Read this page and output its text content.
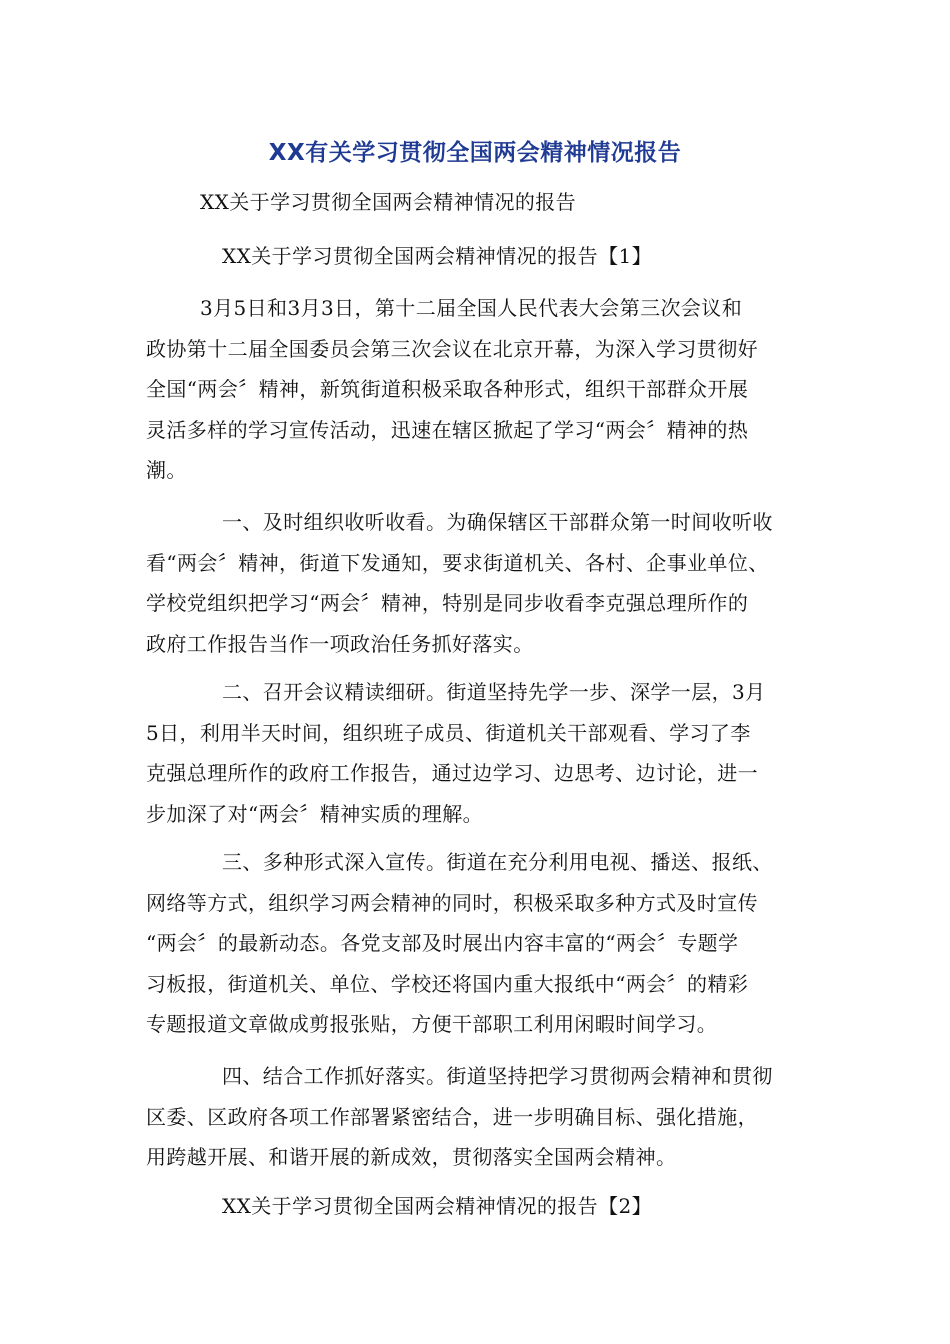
XX有关学习贯彻全国两会精神情况报告
XX关于学习贯彻全国两会精神情况的报告
XX关于学习贯彻全国两会精神情况的报告【1】
3月5日和3月3日，第十二届全国人民代表大会第三次会议和
政协第十二届全国委员会第三次会议在北京开幕，为深入学习贯彻好
全国“两会〞精神，新筑街道积极采取各种形式，组织干部群众开展
灵活多样的学习宣传活动，迅速在辖区掀起了学习“两会〞精神的热
潮。
一、及时组织收听收看。为确保辖区干部群众第一时间收听收
看“两会〞精神，街道下发通知，要求街道机关、各村、企事业单位、
学校党组织把学习“两会〞精神，特别是同步收看李克强总理所作的
政府工作报告当作一项政治任务抓好落实。
二、召开会议精读细研。街道坚持先学一步、深学一层，3月
5日，利用半天时间，组织班子成员、街道机关干部观看、学习了李
克强总理所作的政府工作报告，通过边学习、边思考、边讨论，进一
步加深了对“两会〞精神实质的理解。
三、多种形式深入宣传。街道在充分利用电视、播送、报纸、
网络等方式，组织学习两会精神的同时，积极采取多种方式及时宣传
“两会〞的最新动态。各党支部及时展出内容丰富的“两会〞专题学
习板报，街道机关、单位、学校还将国内重大报纸中“两会〞的精彩
专题报道文章做成剪报张贴，方便干部职工利用闲暇时间学习。
四、结合工作抓好落实。街道坚持把学习贯彻两会精神和贯彻
区委、区政府各项工作部署紧密结合，进一步明确目标、强化措施，
用跨越开展、和谐开展的新成效，贯彻落实全国两会精神。
XX关于学习贯彻全国两会精神情况的报告【2】
